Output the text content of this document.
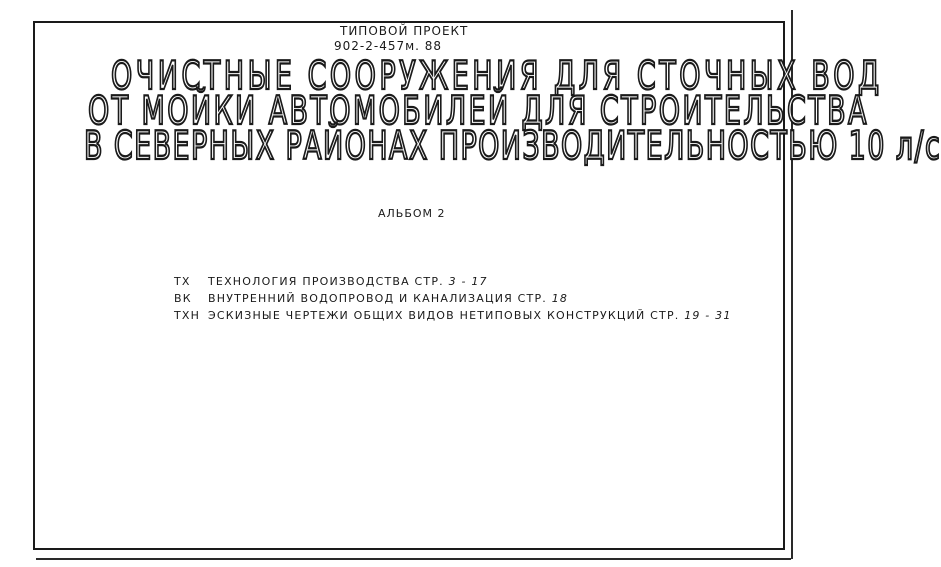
ТИПОВОЙ ПРОЕКТ
902-2-457м. 88
ОЧИСТНЫЕ СООРУЖЕНИЯ ДЛЯ СТОЧНЫХ ВОД
ОТ МОЙКИ АВТОМОБИЛЕЙ ДЛЯ СТРОИТЕЛЬСТВА
В СЕВЕРНЫХ РАЙОНАХ ПРОИЗВОДИТЕЛЬНОСТЬЮ 10 л/с
АЛЬБОМ 2
ТХ ТЕХНОЛОГИЯ ПРОИЗВОДСТВА СТР. 3 - 17
ВК ВНУТРЕННИЙ ВОДОПРОВОД И КАНАЛИЗАЦИЯ СТР. 18
ТХН ЭСКИЗНЫЕ ЧЕРТЕЖИ ОБЩИХ ВИДОВ НЕТИПОВЫХ КОНСТРУКЦИЙ СТР. 19 - 31
